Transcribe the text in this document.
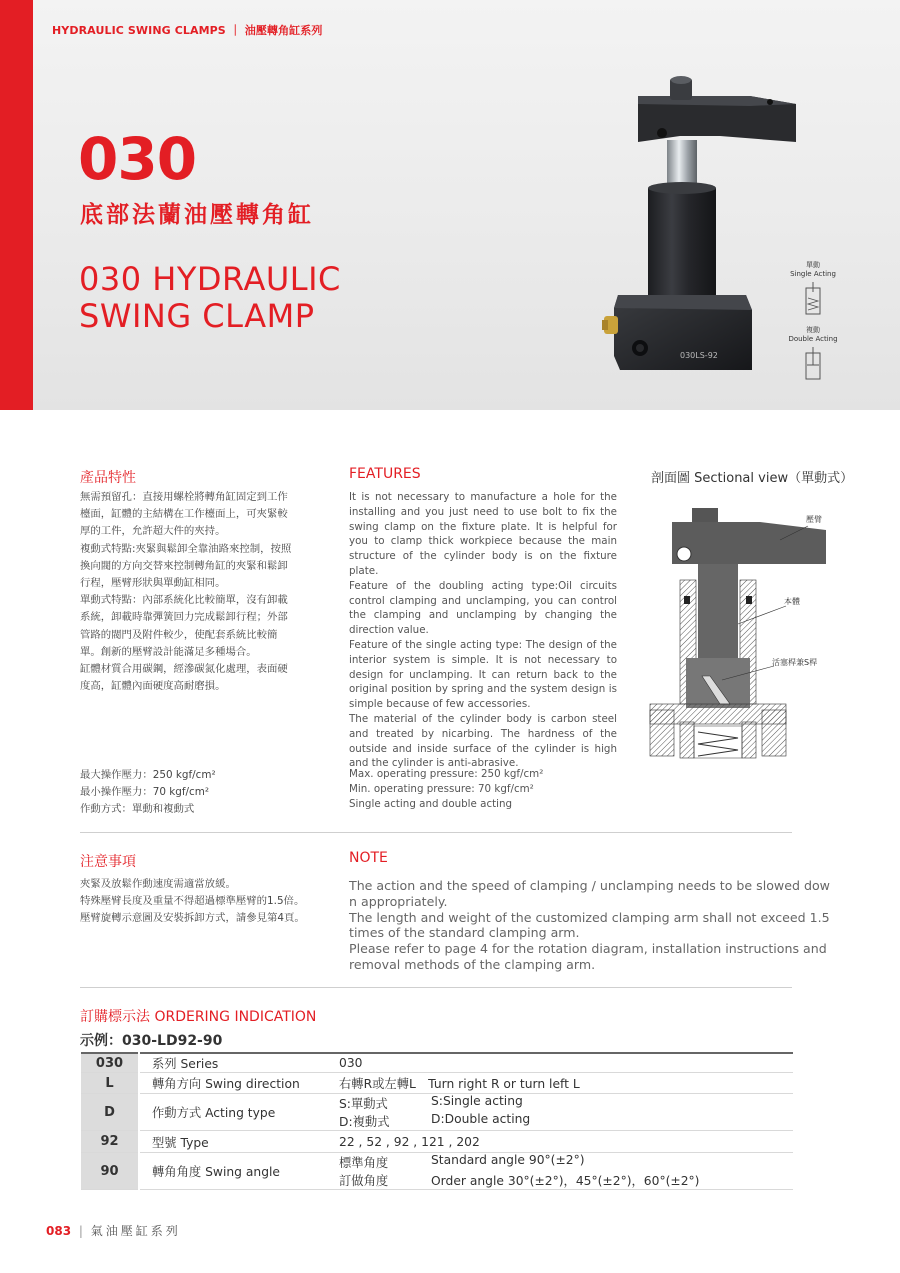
HYDRAULIC SWING CLAMPS ｜ 油壓轉角缸系列
030
底部法蘭油壓轉角缸
030 HYDRAULIC
SWING CLAMP
030LS-92
單動
Single Acting
複動
Double Acting
產品特性
無需預留孔：直接用螺栓將轉角缸固定到工作
檯面，缸體的主結構在工作檯面上，可夾緊較
厚的工件，允許超大件的夾持。
複動式特點:夾緊與鬆卸全靠油路來控制，按照
換向閥的方向交替來控制轉角缸的夾緊和鬆卸
行程，壓臂形狀與單動缸相同。
單動式特點：內部系統化比較簡單，沒有卸載
系統，卸載時靠彈簧回力完成鬆卸行程；外部
管路的閥門及附件較少，使配套系統比較簡
單。創新的壓臂設計能滿足多種場合。
缸體材質合用碳鋼，經滲碳氮化處理，表面硬
度高，缸體內面硬度高耐磨損。
最大操作壓力：250 kgf/cm²
最小操作壓力：70 kgf/cm²
作動方式：單動和複動式
FEATURES

It is not necessary to manufacture a hole for the installing and you just need to use bolt to fix the swing clamp on the fixture plate. It is helpful for you to clamp thick workpiece because the main structure of the cylinder body is on the fixture plate.

Feature of the doubling acting type:Oil circuits control clamping and unclamping, you can control the clamping and unclamping by changing the direction value.

Feature of the single acting type: The design of the interior system is simple. It is not necessary to design for unclamping. It can return back to the original position by spring and the system design is simple because of few accessories.

The material of the cylinder body is carbon steel and treated by nicarbing. The hardness of the outside and inside surface of the cylinder is high and the cylinder is anti-abrasive.

Max. operating pressure: 250 kgf/cm²
Min. operating pressure: 70 kgf/cm²
Single acting and double acting
剖面圖 Sectional view（單動式）
壓臂
本體
活塞桿兼S桿
注意事項
夾緊及放鬆作動速度需適當放緩。
特殊壓臂長度及重量不得超過標準壓臂的1.5倍。
壓臂旋轉示意圖及安裝拆卸方式，請參見第4頁。
NOTE
The action and the speed of clamping / unclamping needs to be slowed dow
n appropriately.
The length and weight of the customized clamping arm shall not exceed 1.5
times of the standard clamping arm.
Please refer to page 4 for the rotation diagram, installation instructions and
removal methods of the clamping arm.
訂購標示法 ORDERING INDICATION
示例：030-LD92-90
030	系列 Series	030
L	轉角方向 Swing direction	右轉R或左轉L　Turn right R or turn left L
D	作動方式 Acting type	S:單動式 S:Single acting
D:複動式 D:Double acting

92	型號 Type	22 , 52 , 92 , 121 , 202
90	轉角角度 Swing angle	標準角度 Standard angle 90°(±2°)
訂做角度 Order angle 30°(±2°)，45°(±2°)，60°(±2°)
083 | 氣油壓缸系列
